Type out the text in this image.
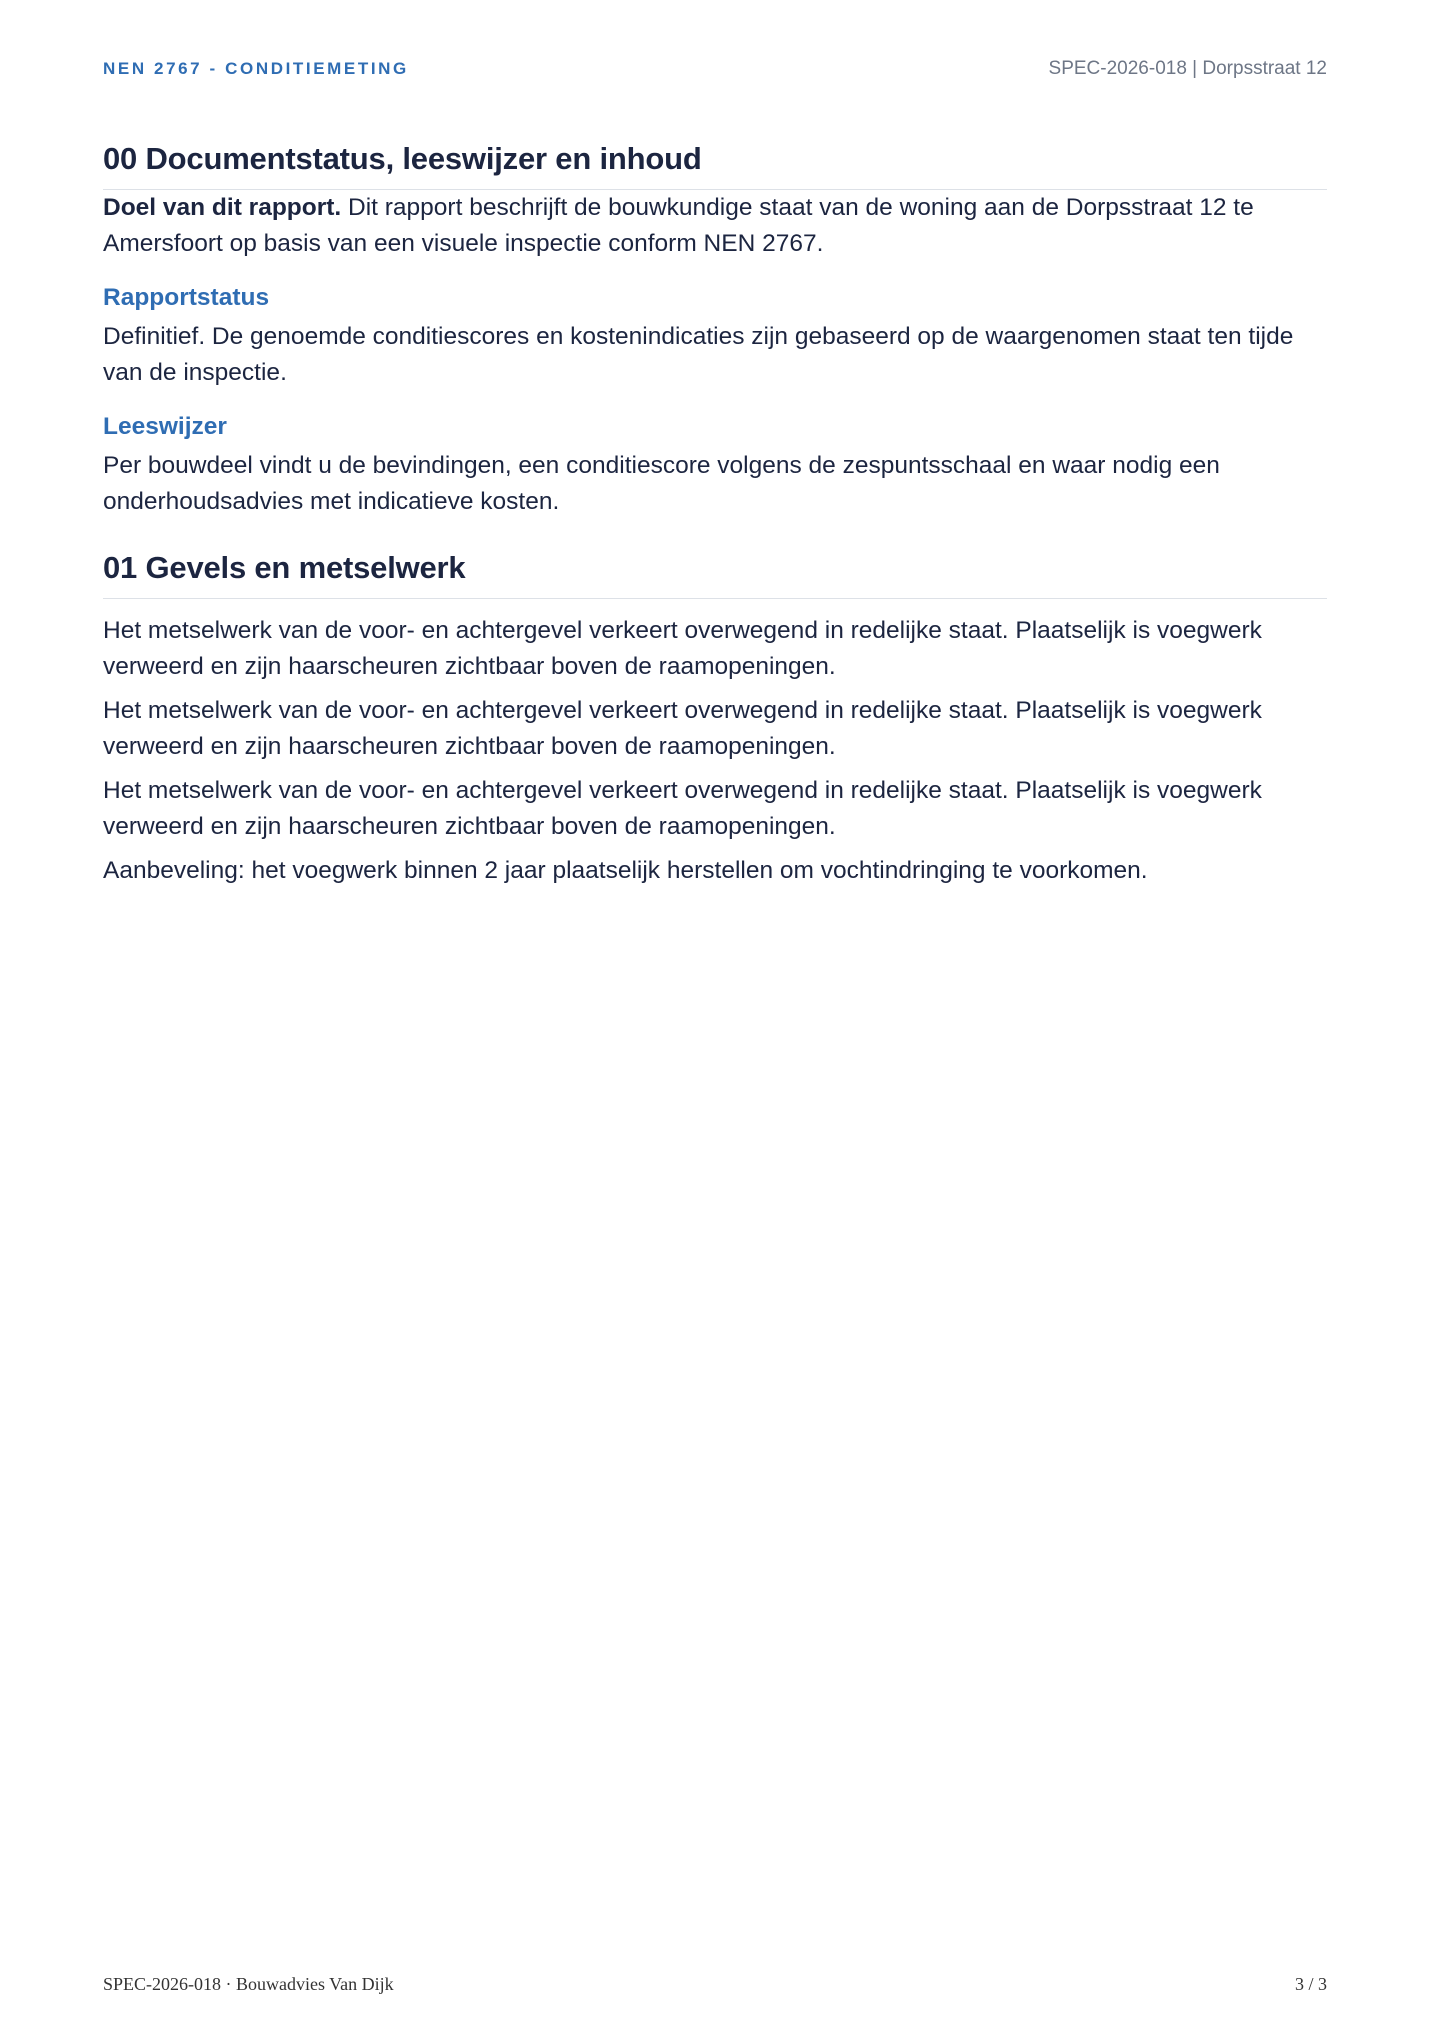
NEN 2767 - CONDITIEMETING	SPEC-2026-018 | Dorpsstraat 12
00 Documentstatus, leeswijzer en inhoud

Doel van dit rapport. Dit rapport beschrijft de bouwkundige staat van de woning aan de Dorpsstraat 12 te Amersfoort op basis van een visuele inspectie conform NEN 2767.

Rapportstatus

Definitief. De genoemde conditiescores en kostenindicaties zijn gebaseerd op de waargenomen staat ten tijde van de inspectie.

Leeswijzer

Per bouwdeel vindt u de bevindingen, een conditiescore volgens de zespuntsschaal en waar nodig een onderhoudsadvies met indicatieve kosten.

01 Gevels en metselwerk

Het metselwerk van de voor- en achtergevel verkeert overwegend in redelijke staat. Plaatselijk is voegwerk verweerd en zijn haarscheuren zichtbaar boven de raamopeningen.

Het metselwerk van de voor- en achtergevel verkeert overwegend in redelijke staat. Plaatselijk is voegwerk verweerd en zijn haarscheuren zichtbaar boven de raamopeningen.

Het metselwerk van de voor- en achtergevel verkeert overwegend in redelijke staat. Plaatselijk is voegwerk verweerd en zijn haarscheuren zichtbaar boven de raamopeningen.

Aanbeveling: het voegwerk binnen 2 jaar plaatselijk herstellen om vochtindringing te voorkomen.

SPEC-2026-018 · Bouwadvies Van Dijk	3 / 3
